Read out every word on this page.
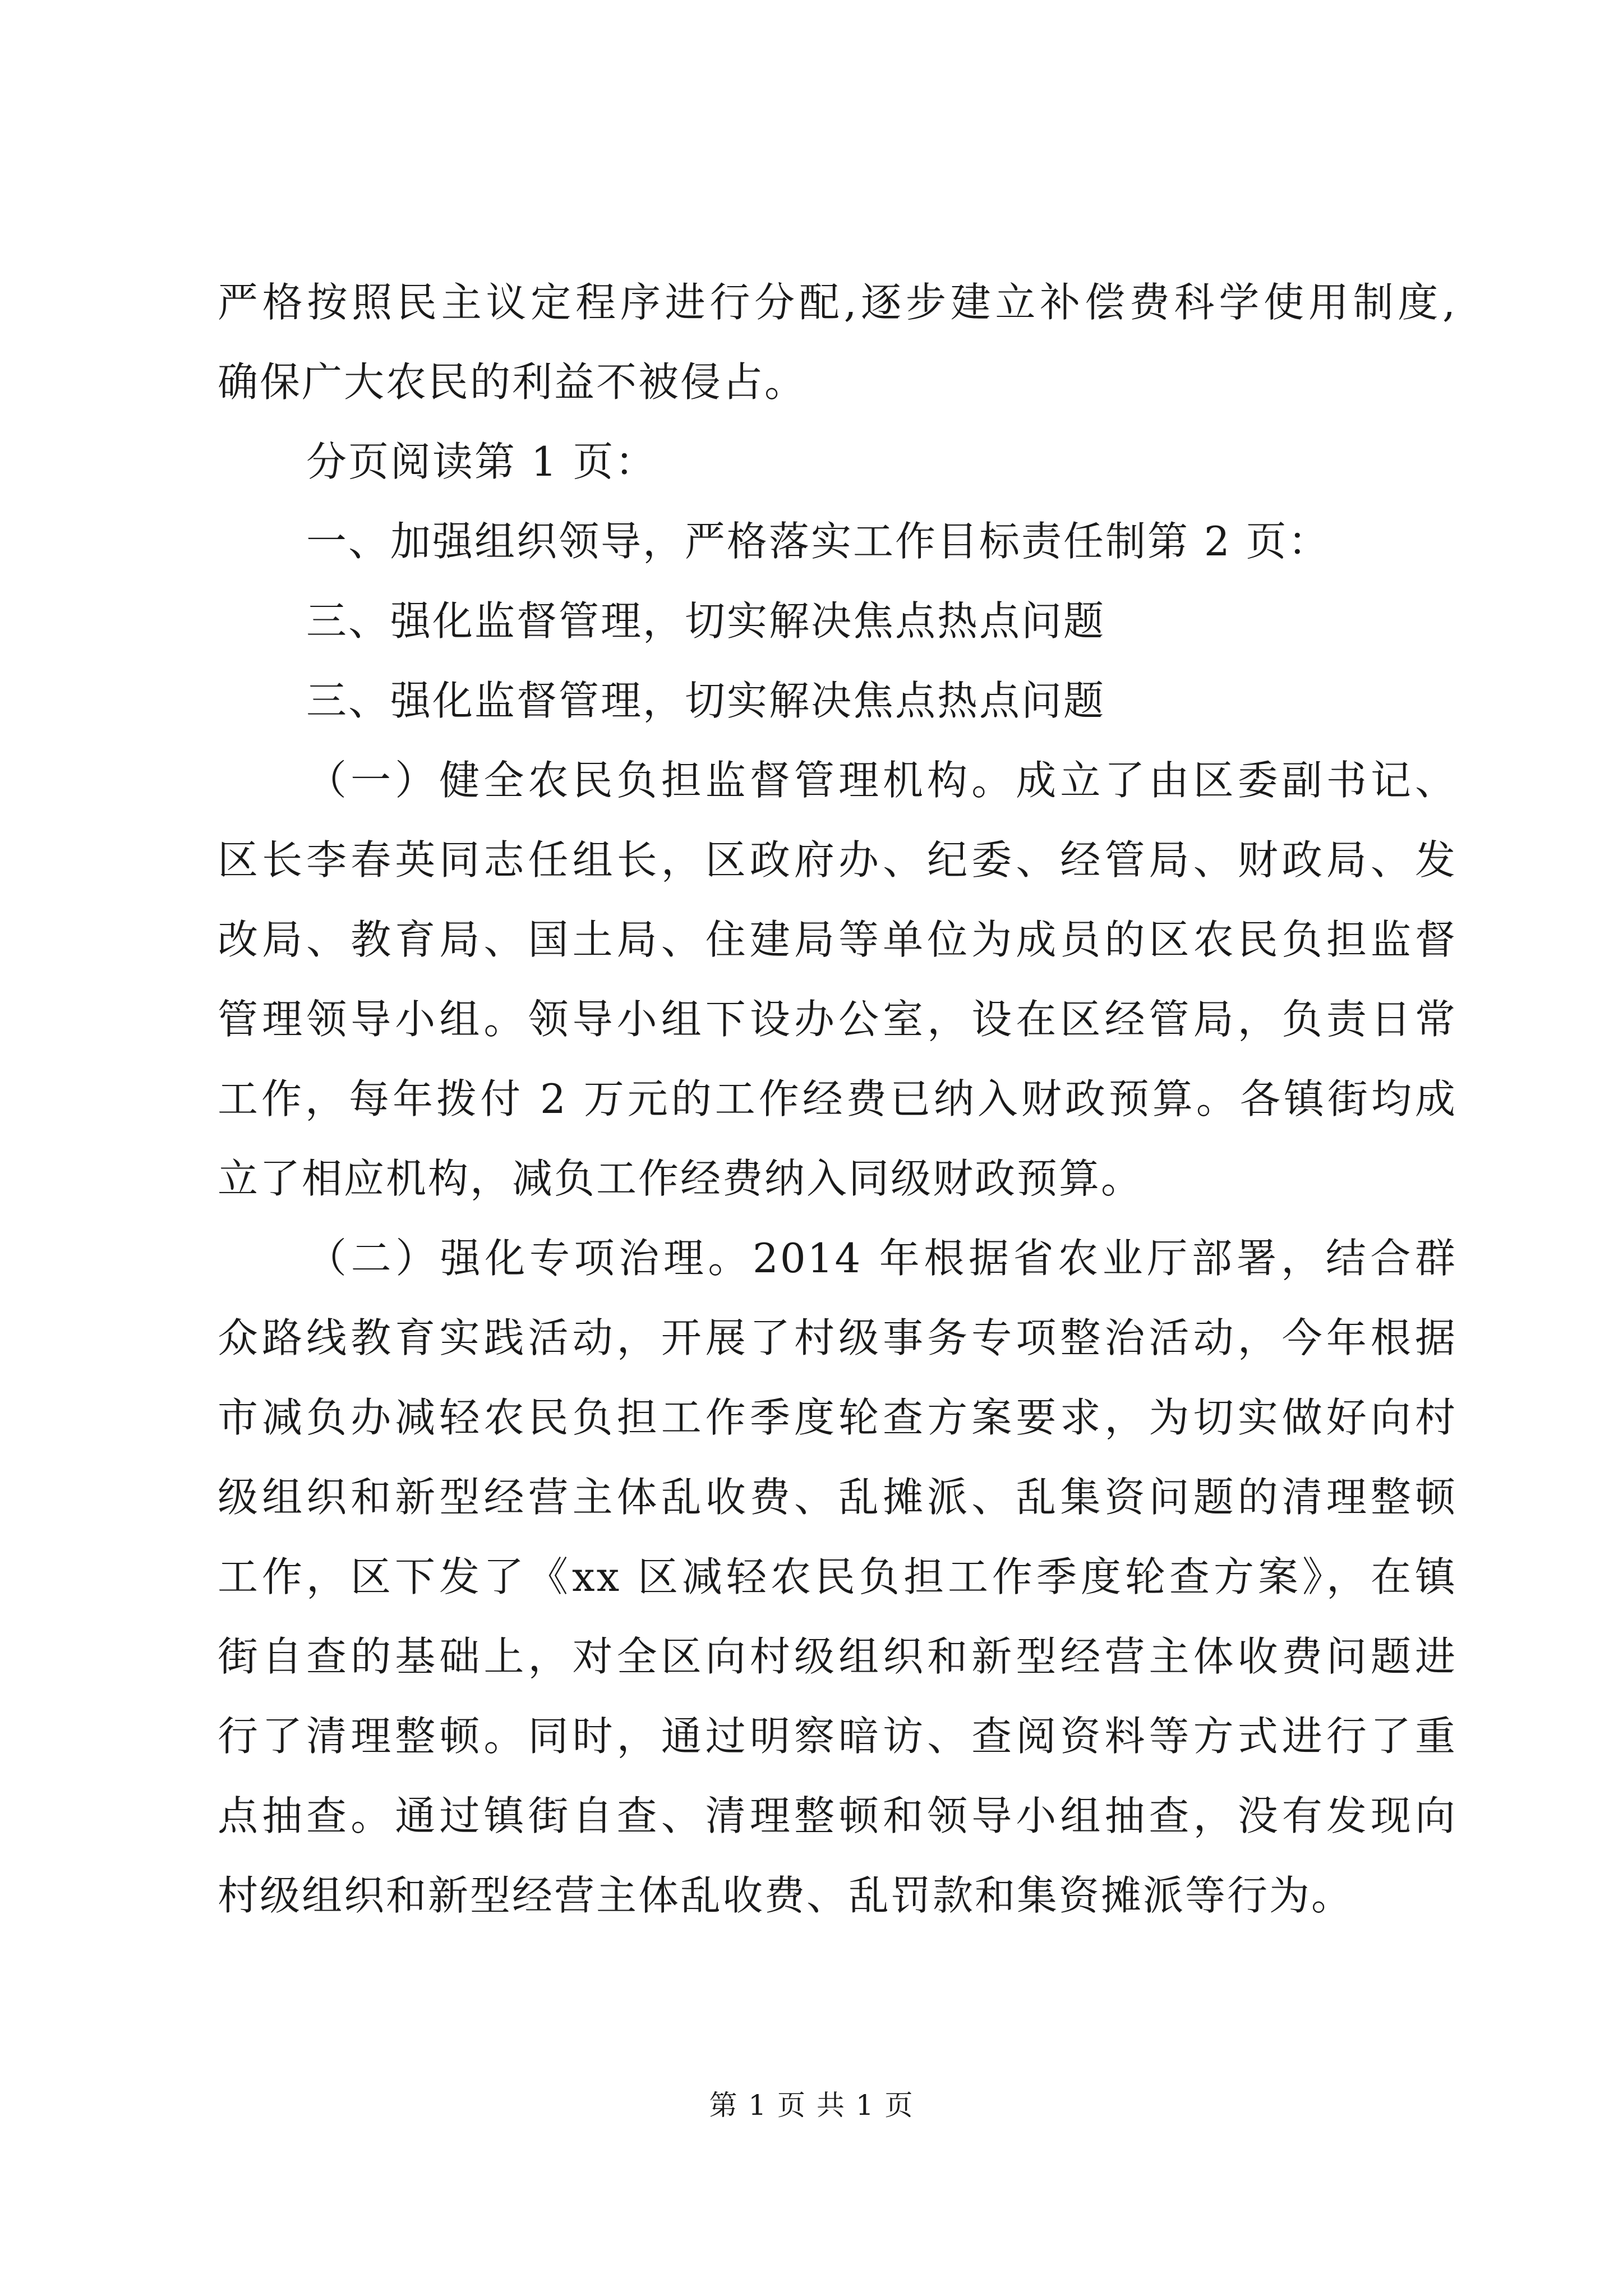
严格按照民主议定程序进行分配,逐步建立补偿费科学使用制度,
确保广大农民的利益不被侵占。
分页阅读第 1 页：
一、加强组织领导，严格落实工作目标责任制第 2 页：
三、强化监督管理，切实解决焦点热点问题
三、强化监督管理，切实解决焦点热点问题
（一）健全农民负担监督管理机构。成立了由区委副书记、
区长李春英同志任组长，区政府办、纪委、经管局、财政局、发
改局、教育局、国土局、住建局等单位为成员的区农民负担监督
管理领导小组。领导小组下设办公室，设在区经管局，负责日常
工作，每年拨付 2 万元的工作经费已纳入财政预算。各镇街均成
立了相应机构，减负工作经费纳入同级财政预算。
（二）强化专项治理。2014 年根据省农业厅部署，结合群
众路线教育实践活动，开展了村级事务专项整治活动，今年根据
市减负办减轻农民负担工作季度轮查方案要求，为切实做好向村
级组织和新型经营主体乱收费、乱摊派、乱集资问题的清理整顿
工作，区下发了《xx 区减轻农民负担工作季度轮查方案》，在镇
街自查的基础上，对全区向村级组织和新型经营主体收费问题进
行了清理整顿。同时，通过明察暗访、查阅资料等方式进行了重
点抽查。通过镇街自查、清理整顿和领导小组抽查，没有发现向
村级组织和新型经营主体乱收费、乱罚款和集资摊派等行为。
第 1 页 共 1 页
